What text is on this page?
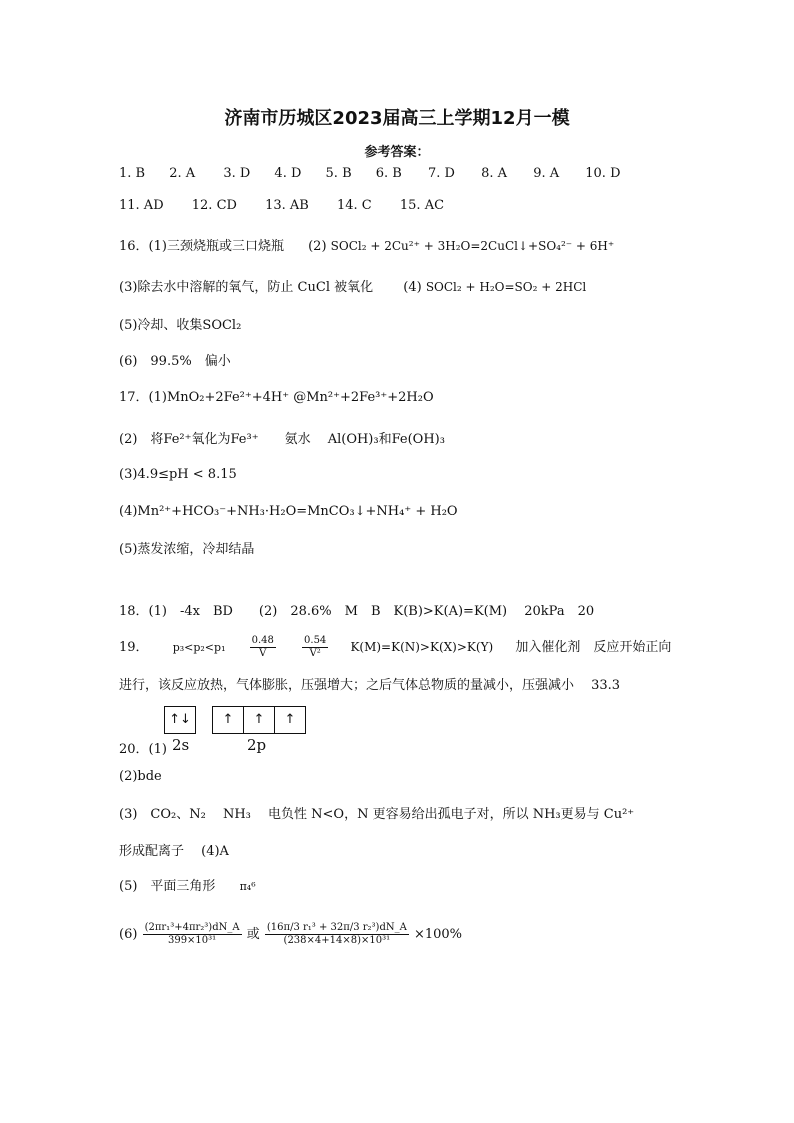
济南市历城区2023届高三上学期12月一模
参考答案：
1. B 2. A 3. D 4. D 5. B 6. B 7. D 8. A 9. A 10. D
11. AD 12. CD 13. AB 14. C 15. AC
16．(1)三颈烧瓶或三口烧瓶 (2) SOCl₂ + 2Cu²⁺ + 3H₂O=2CuCl↓+SO₄²⁻ + 6H⁺
(3)除去水中溶解的氧气，防止 CuCl 被氧化 (4) SOCl₂ + H₂O=SO₂ + 2HCl
(5)冷却、收集SOCl₂
(6)　99.5%　偏小
17．(1)MnO₂+2Fe²⁺+4H⁺ @Mn²⁺+2Fe³⁺+2H₂O
(2)　将Fe²⁺氧化为Fe³⁺　　氨水　 Al(OH)₃和Fe(OH)₃
(3)4.9≤pH < 8.15
(4)Mn²⁺+HCO₃⁻+NH₃·H₂O=MnCO₃↓+NH₄⁺ + H₂O
(5)蒸发浓缩，冷却结晶
18．(1)　-4x　BD　　(2)　28.6%　M　B　K(B)>K(A)=K(M)　 20kPa　20
19． $p_3<p_2<p_1 \frac{0.48}{V}$
	$\frac{0.54}{\text{V²}} K(M)=K(N)>K(X)>K(Y)$ 加入催化剂　反应开始正向
进行，该反应放热，气体膨胀，压强增大；之后气体总物质的量减小，压强减小　 33.3
↑↓	↑ ↑ ↑
2s	2p
20．(1)
(2)bde
(3)　CO₂、N₂　 NH₃　 电负性 N<O，N 更容易给出孤电子对，所以 NH₃更易与 Cu²⁺
形成配离子　 (4)A
(5)　平面三角形 π₄⁶
$(6) \frac{\text{(2πr₁³+4πr₂³)dN\_A}}{\text{399×10³¹}}$ 或 $\frac{\text{(16π/3 r₁³ + 32π/3 r₂³)dN\_A}}{\text{(238×4+14×8)×10³¹}} \times 100\%$
